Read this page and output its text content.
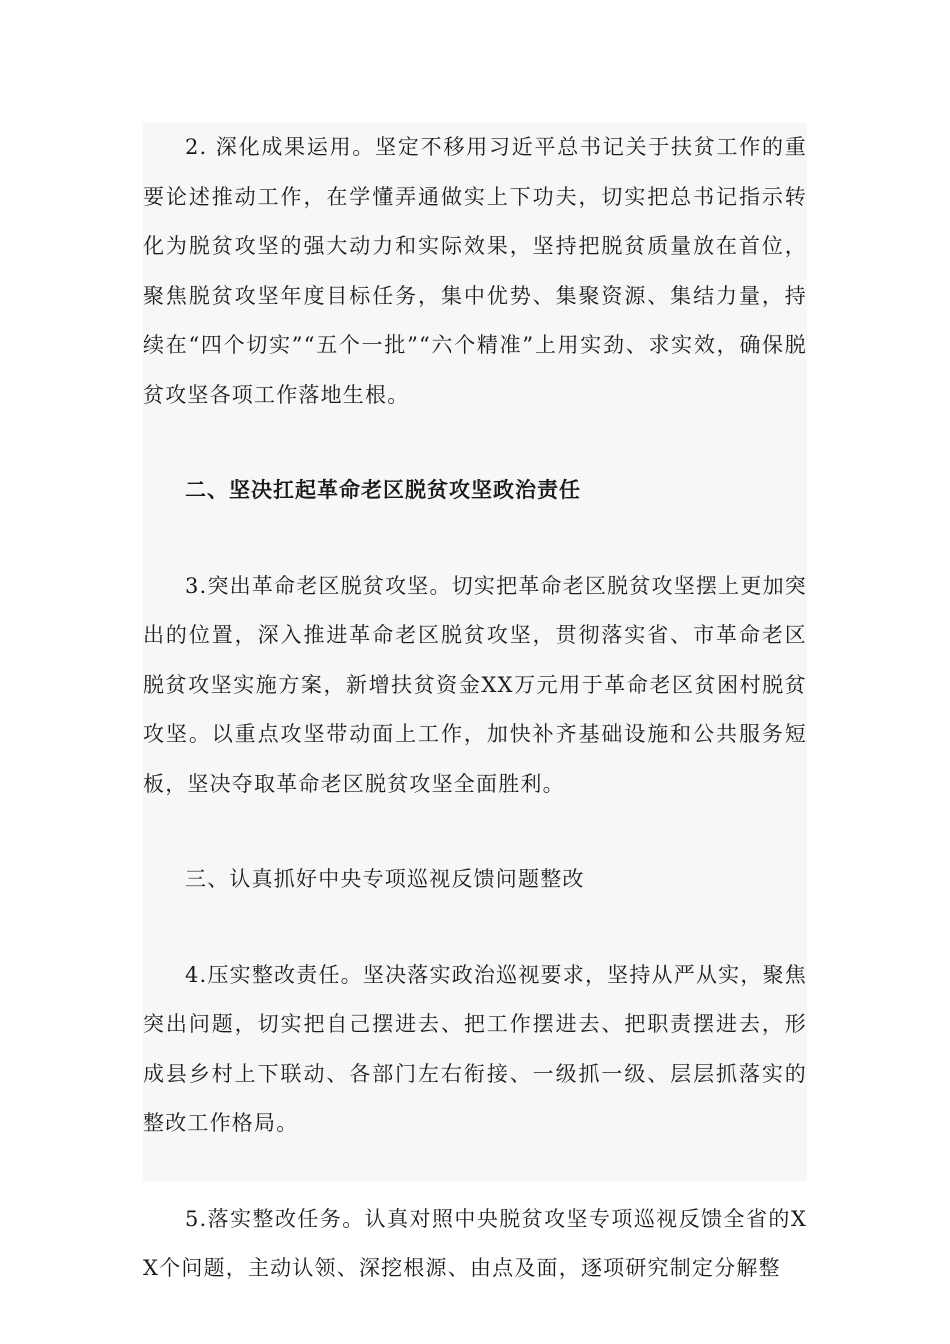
2. 深化成果运用。坚定不移用习近平总书记关于扶贫工作的重要论述推动工作，在学懂弄通做实上下功夫，切实把总书记指示转化为脱贫攻坚的强大动力和实际效果，坚持把脱贫质量放在首位，聚焦脱贫攻坚年度目标任务，集中优势、集聚资源、集结力量，持续在“四个切实”“五个一批”“六个精准”上用实劲、求实效，确保脱贫攻坚各项工作落地生根。

二、坚决扛起革命老区脱贫攻坚政治责任

3.突出革命老区脱贫攻坚。切实把革命老区脱贫攻坚摆上更加突出的位置，深入推进革命老区脱贫攻坚，贯彻落实省、市革命老区脱贫攻坚实施方案，新增扶贫资金XX万元用于革命老区贫困村脱贫攻坚。以重点攻坚带动面上工作，加快补齐基础设施和公共服务短板，坚决夺取革命老区脱贫攻坚全面胜利。

三、认真抓好中央专项巡视反馈问题整改

4.压实整改责任。坚决落实政治巡视要求，坚持从严从实，聚焦突出问题，切实把自己摆进去、把工作摆进去、把职责摆进去，形成县乡村上下联动、各部门左右衔接、一级抓一级、层层抓落实的整改工作格局。

5.落实整改任务。认真对照中央脱贫攻坚专项巡视反馈全省的XX个问题，主动认领、深挖根源、由点及面，逐项研究制定分解整
